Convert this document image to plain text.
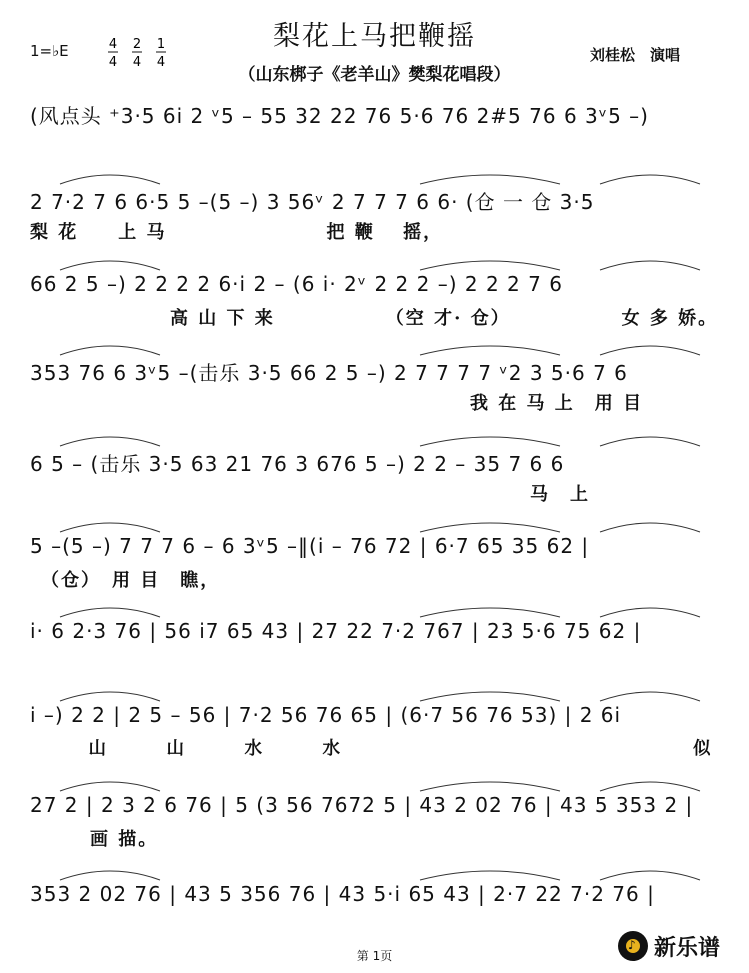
梨花上马把鞭摇
（山东梆子《老羊山》樊梨花唱段）
1=♭E	4
4
2
4
1
4	刘桂松　演唱
(风点头 ⁺3·5 6i 2 ᵛ5 – 55 32 22 76 5·6 76 2#5 76 6 3ᵛ5 –)
2 7·2 7 6 6·5 5 –(5 –) 3 56ᵛ 2 7 7 7 6 6· (仓 一 仓 3·5
梨 花　　上 马　　　　　　　　把 鞭　 摇，
66 2 5 –) 2 2 2 2 6·i 2 – (6 i· 2ᵛ 2 2 2 –) 2 2 2 7 6
　　　　　　　高 山 下 来　　　　　　（空 才· 仓）　　　　　　女 多 娇。
353 76 6 3ᵛ5 –(击乐 3·5 66 2 5 –) 2 7 7 7 7 ᵛ2 3 5·6 7 6
　　　　　　　　　　　　　　　　　　　　　　我 在 马 上　用 目
6 5 – (击乐 3·5 63 21 76 3 676 5 –) 2 2 – 35 7 6 6
　　　　　　　　　　　　　　　　　　　　　　　　　马　上
5 –(5 –) 7 7 7 6 – 6 3ᵛ5 –‖(i – 76 72 | 6·7 65 35 62 |
　（仓）　用 目　瞧，
i· 6 2·3 76 | 56 i7 65 43 | 27 22 7·2 767 | 23 5·6 75 62 |
i –) 2 2 | 2 5 – 56 | 7·2 56 76 65 | (6·7 56 76 53) | 2 6i
　　　山　　　山　　　水　　　水　　　　　　　　　　　　　　　　　　似
27 2 | 2 3 2 6 76 | 5 (3 56 7672 5 | 43 2 02 76 | 43 5 353 2 |
　　　画 描。
353 2 02 76 | 43 5 356 76 | 43 5·i 65 43 | 2·7 22 7·2 76 |
第 1页
♪ 新乐谱
